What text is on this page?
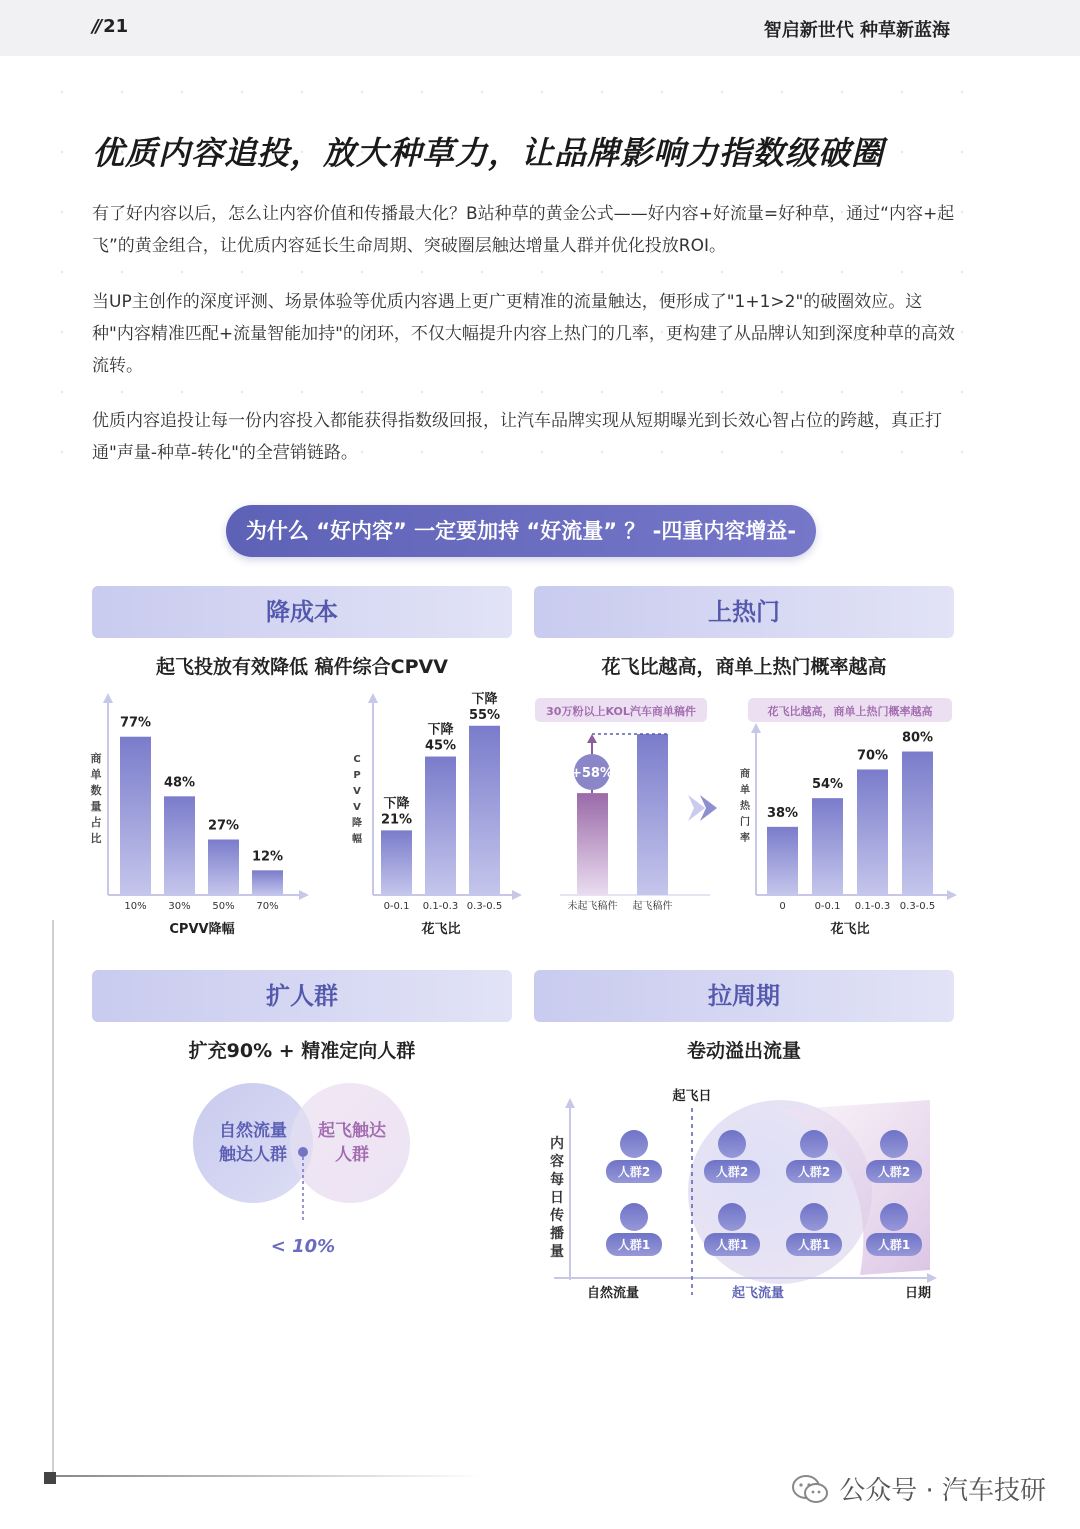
// 21	智启新世代 种草新蓝海
优质内容追投，放大种草力，让品牌影响力指数级破圈

有了好内容以后，怎么让内容价值和传播最大化？B站种草的黄金公式——好内容+好流量=好种草，通过“内容+起飞”的黄金组合，让优质内容延长生命周期、突破圈层触达增量人群并优化投放ROI。

当UP主创作的深度评测、场景体验等优质内容遇上更广更精准的流量触达，便形成了"1+1>2"的破圈效应。这种"内容精准匹配+流量智能加持"的闭环，不仅大幅提升内容上热门的几率，更构建了从品牌认知到深度种草的高效流转。

优质内容追投让每一份内容投入都能获得指数级回报，让汽车品牌实现从短期曝光到长效心智占位的跨越，真正打通"声量-种草-转化"的全营销链路。

为什么 “好内容” 一定要加持 “好流量” ？ -四重内容增益-
降成本	上热门
起飞投放有效降低 稿件综合CPVV	花飞比越高，商单上热门概率越高
商
单
数
量
占
比
77%
10%
48%
30%
27%
50%
12%
70%
CPVV降幅
C
P
V
V
降
幅
下降
21%
0-0.1
下降
45%
0.1-0.3
下降
55%
0.3-0.5
花飞比
30万粉以上KOL汽车商单稿件
未起飞稿件 起飞稿件
+58%
花飞比越高，商单上热门概率越高
商
单
热
门
率
38%
0
54%
0-0.1
70%
0.1-0.3
80%
0.3-0.5
花飞比
扩人群	拉周期
扩充90% + 精准定向人群	卷动溢出流量
自然流量
触达人群
起飞触达
人群
< 10%
起飞日
起飞流量
自然流量	日期
内
容
每
日
传
播
量
人群2	人群2	人群2	人群2
人群1	人群1	人群1	人群1
公众号 · 汽车技研
